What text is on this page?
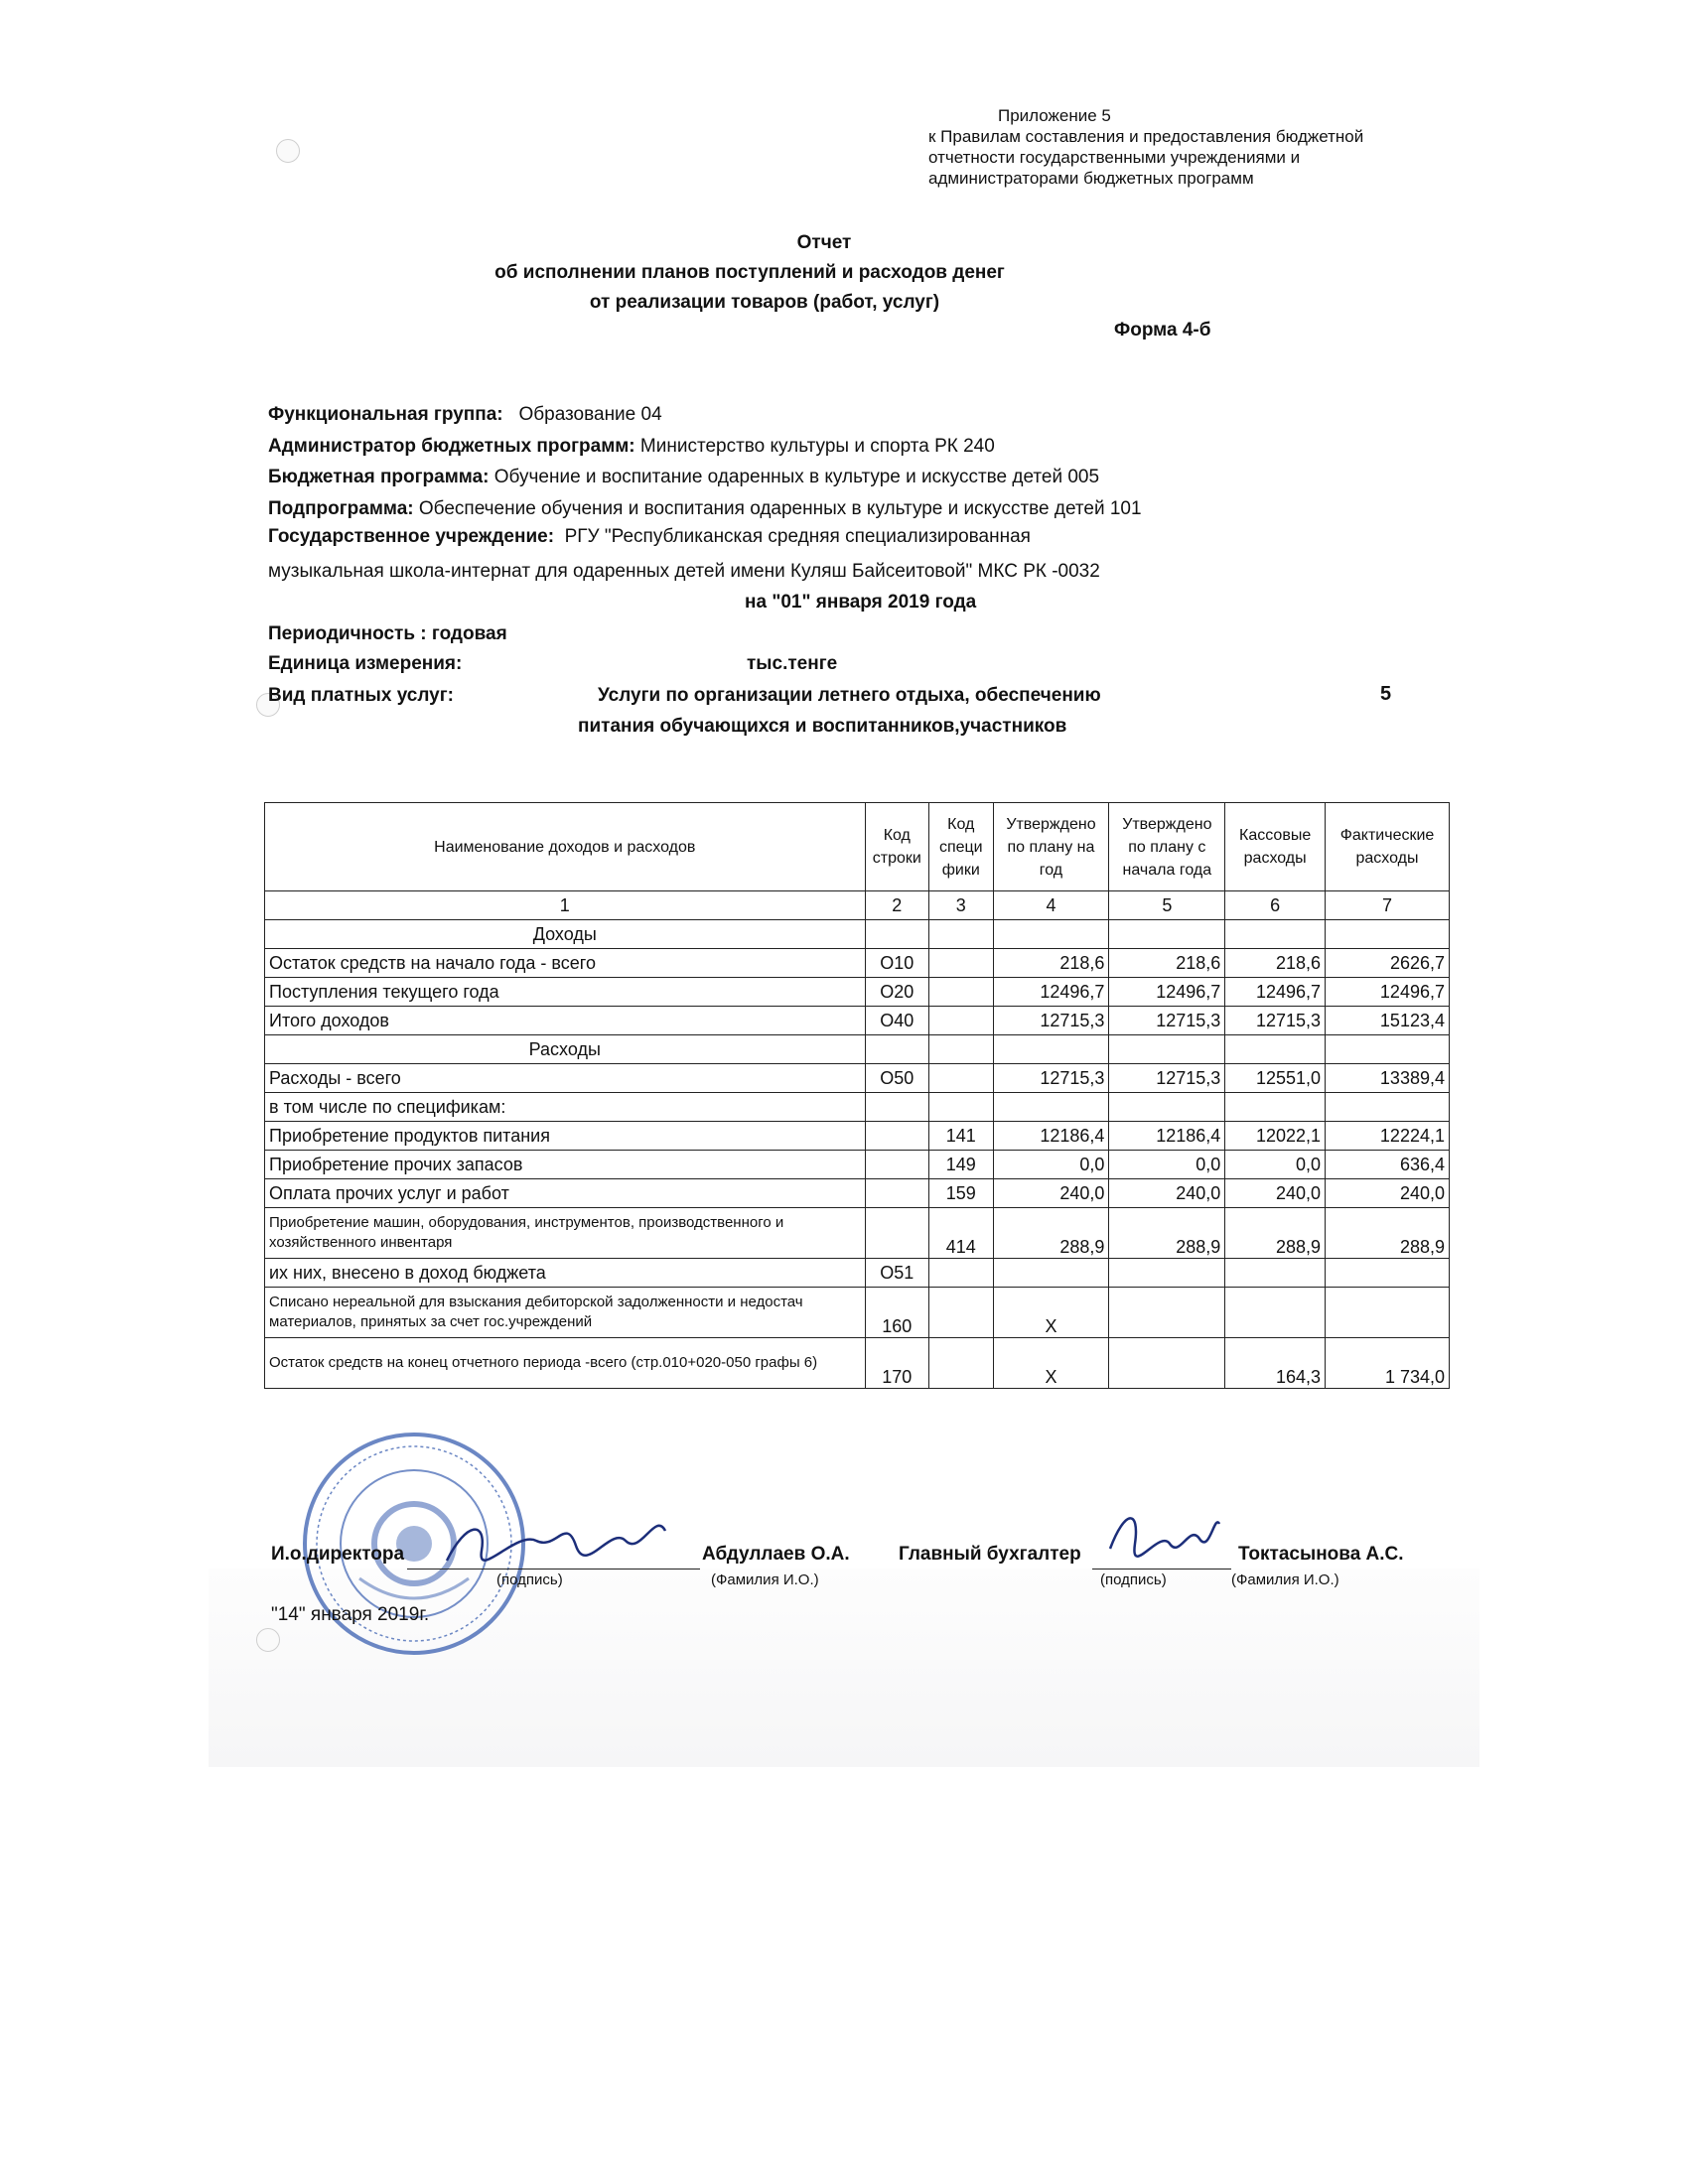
Приложение 5
к Правилам составления и предоставления бюджетной
отчетности государственными учреждениями и
администраторами бюджетных программ
Отчет
об исполнении планов поступлений и расходов денег
от реализации товаров (работ, услуг)
Форма 4-б
Функциональная группа: Образование 04
Администратор бюджетных программ: Министерство культуры и спорта РК 240
Бюджетная программа: Обучение и воспитание одаренных в культуре и искусстве детей 005
Подпрограмма: Обеспечение обучения и воспитания одаренных в культуре и искусстве детей 101
Государственное учреждение: РГУ "Республиканская средняя специализированная
музыкальная школа-интернат для одаренных детей имени Куляш Байсеитовой" МКС РК -0032
на "01" января 2019 года
Периодичность : годовая
Единица измерения:	тыс.тенге
Вид платных услуг:	Услуги по организации летнего отдыха, обеспечению
питания обучающихся и воспитанников,участников
5
Наименование доходов и расходов	Код строки	Код специ фики	Утверждено по плану на год	Утверждено по плану с начала года	Кассовые расходы	Фактические расходы
1	2	3	4	5	6	7
Доходы						
Остаток средств на начало года - всего	О10		218,6	218,6	218,6	2626,7
Поступления текущего года	О20		12496,7	12496,7	12496,7	12496,7
Итого доходов	О40		12715,3	12715,3	12715,3	15123,4
Расходы						
Расходы - всего	О50		12715,3	12715,3	12551,0	13389,4
в том числе по спецификам:						
Приобретение продуктов питания		141	12186,4	12186,4	12022,1	12224,1
Приобретение прочих запасов		149	0,0	0,0	0,0	636,4
Оплата прочих услуг и работ		159	240,0	240,0	240,0	240,0
Приобретение машин, оборудования, инструментов, производственного и хозяйственного инвентаря		414	288,9	288,9	288,9	288,9
их них, внесено в доход бюджета	О51					
Списано нереальной для взыскания дебиторской задолженности и недостач материалов, принятых за счет гос.учреждений	160		Х			
Остаток средств на конец отчетного периода -всего (стр.010+020-050 графы 6)	170		Х		164,3	1 734,0
И.о.директора	Абдуллаев О.А.
(подпись)	(Фамилия И.О.)
Главный бухгалтер	Токтасынова А.С.
(подпись)	(Фамилия И.О.)
"14" января 2019г.
